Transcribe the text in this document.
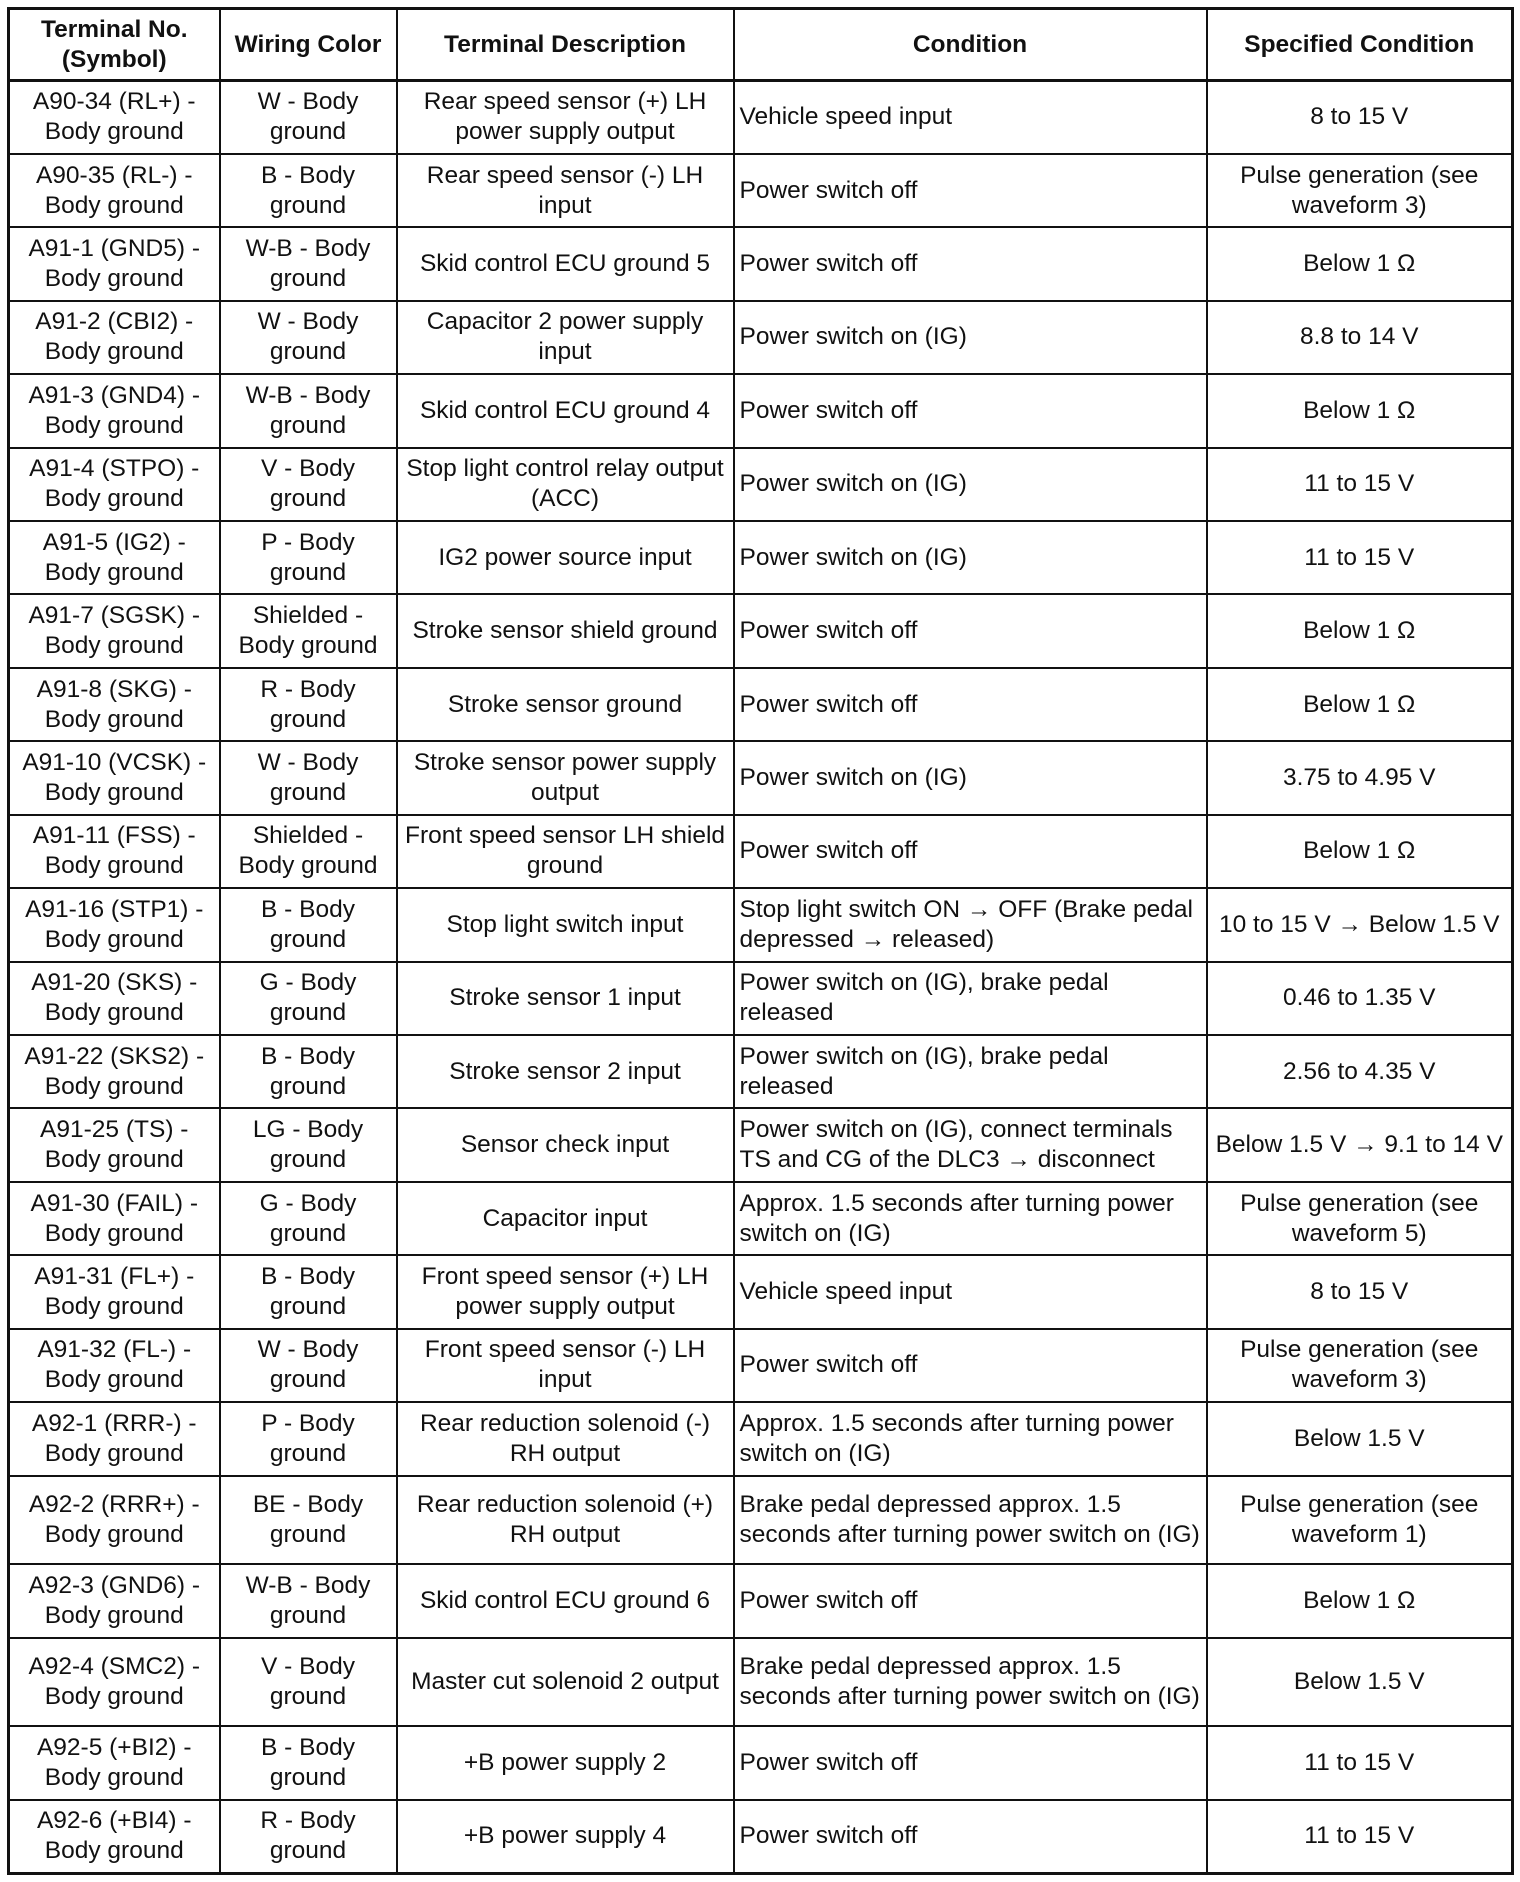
Terminal No. (Symbol)	Wiring Color	Terminal Description	Condition	Specified Condition
A90-34 (RL+) - Body ground	W - Body ground	Rear speed sensor (+) LH power supply output	Vehicle speed input	8 to 15 V
A90-35 (RL-) - Body ground	B - Body ground	Rear speed sensor (-) LH input	Power switch off	Pulse generation (see waveform 3)
A91-1 (GND5) - Body ground	W-B - Body ground	Skid control ECU ground 5	Power switch off	Below 1 Ω
A91-2 (CBI2) - Body ground	W - Body ground	Capacitor 2 power supply input	Power switch on (IG)	8.8 to 14 V
A91-3 (GND4) - Body ground	W-B - Body ground	Skid control ECU ground 4	Power switch off	Below 1 Ω
A91-4 (STPO) - Body ground	V - Body ground	Stop light control relay output (ACC)	Power switch on (IG)	11 to 15 V
A91-5 (IG2) - Body ground	P - Body ground	IG2 power source input	Power switch on (IG)	11 to 15 V
A91-7 (SGSK) - Body ground	Shielded - Body ground	Stroke sensor shield ground	Power switch off	Below 1 Ω
A91-8 (SKG) - Body ground	R - Body ground	Stroke sensor ground	Power switch off	Below 1 Ω
A91-10 (VCSK) - Body ground	W - Body ground	Stroke sensor power supply output	Power switch on (IG)	3.75 to 4.95 V
A91-11 (FSS) - Body ground	Shielded - Body ground	Front speed sensor LH shield ground	Power switch off	Below 1 Ω
A91-16 (STP1) - Body ground	B - Body ground	Stop light switch input	Stop light switch ON → OFF (Brake pedal depressed → released)	10 to 15 V → Below 1.5 V
A91-20 (SKS) - Body ground	G - Body ground	Stroke sensor 1 input	Power switch on (IG), brake pedal released	0.46 to 1.35 V
A91-22 (SKS2) - Body ground	B - Body ground	Stroke sensor 2 input	Power switch on (IG), brake pedal released	2.56 to 4.35 V
A91-25 (TS) - Body ground	LG - Body ground	Sensor check input	Power switch on (IG), connect terminals TS and CG of the DLC3 → disconnect	Below 1.5 V → 9.1 to 14 V
A91-30 (FAIL) - Body ground	G - Body ground	Capacitor input	Approx. 1.5 seconds after turning power switch on (IG)	Pulse generation (see waveform 5)
A91-31 (FL+) - Body ground	B - Body ground	Front speed sensor (+) LH power supply output	Vehicle speed input	8 to 15 V
A91-32 (FL-) - Body ground	W - Body ground	Front speed sensor (-) LH input	Power switch off	Pulse generation (see waveform 3)
A92-1 (RRR-) - Body ground	P - Body ground	Rear reduction solenoid (-) RH output	Approx. 1.5 seconds after turning power switch on (IG)	Below 1.5 V
A92-2 (RRR+) - Body ground	BE - Body ground	Rear reduction solenoid (+) RH output	Brake pedal depressed approx. 1.5 seconds after turning power switch on (IG)	Pulse generation (see waveform 1)
A92-3 (GND6) - Body ground	W-B - Body ground	Skid control ECU ground 6	Power switch off	Below 1 Ω
A92-4 (SMC2) - Body ground	V - Body ground	Master cut solenoid 2 output	Brake pedal depressed approx. 1.5 seconds after turning power switch on (IG)	Below 1.5 V
A92-5 (+BI2) - Body ground	B - Body ground	+B power supply 2	Power switch off	11 to 15 V
A92-6 (+BI4) - Body ground	R - Body ground	+B power supply 4	Power switch off	11 to 15 V
